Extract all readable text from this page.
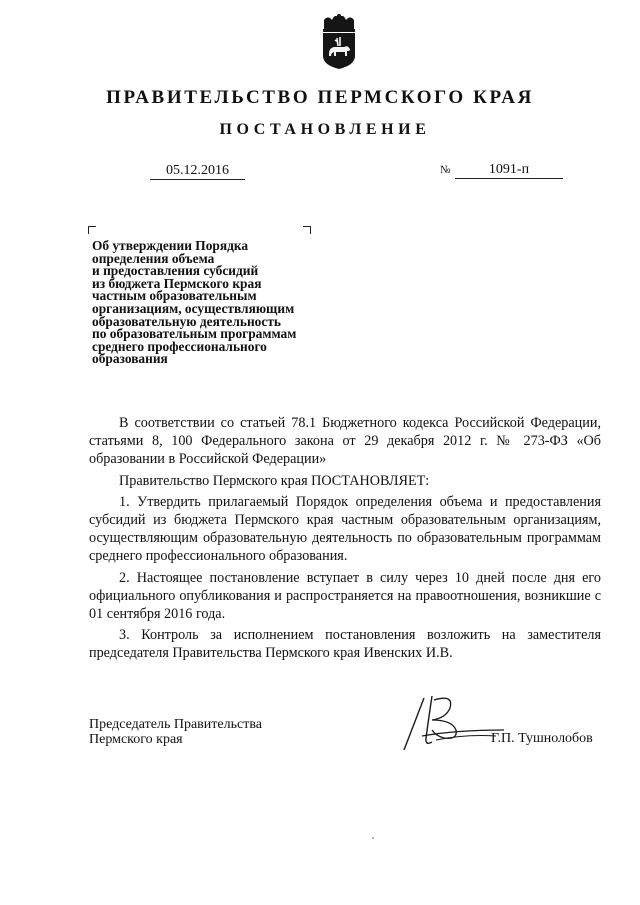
ПРАВИТЕЛЬСТВО ПЕРМСКОГО КРАЯ
ПОСТАНОВЛЕНИЕ
05.12.2016	№	1091-п
Об утверждении Порядка
определения объема
и предоставления субсидий
из бюджета Пермского края
частным образовательным
организациям, осуществляющим
образовательную деятельность
по образовательным программам
среднего профессионального
образования

В соответствии со статьей 78.1 Бюджетного кодекса Российской Федерации, статьями 8, 100 Федерального закона от 29 декабря 2012 г. № 273-ФЗ «Об образовании в Российской Федерации»

Правительство Пермского края ПОСТАНОВЛЯЕТ:

1. Утвердить прилагаемый Порядок определения объема и предоставления субсидий из бюджета Пермского края частным образовательным организациям, осуществляющим образовательную деятельность по образовательным программам среднего профессионального образования.

2. Настоящее постановление вступает в силу через 10 дней после дня его официального опубликования и распространяется на правоотношения, возникшие с 01 сентября 2016 года.

3. Контроль за исполнением постановления возложить на заместителя председателя Правительства Пермского края Ивенских И.В.

Председатель Правительства
Пермского края	Г.П. Тушнолобов
